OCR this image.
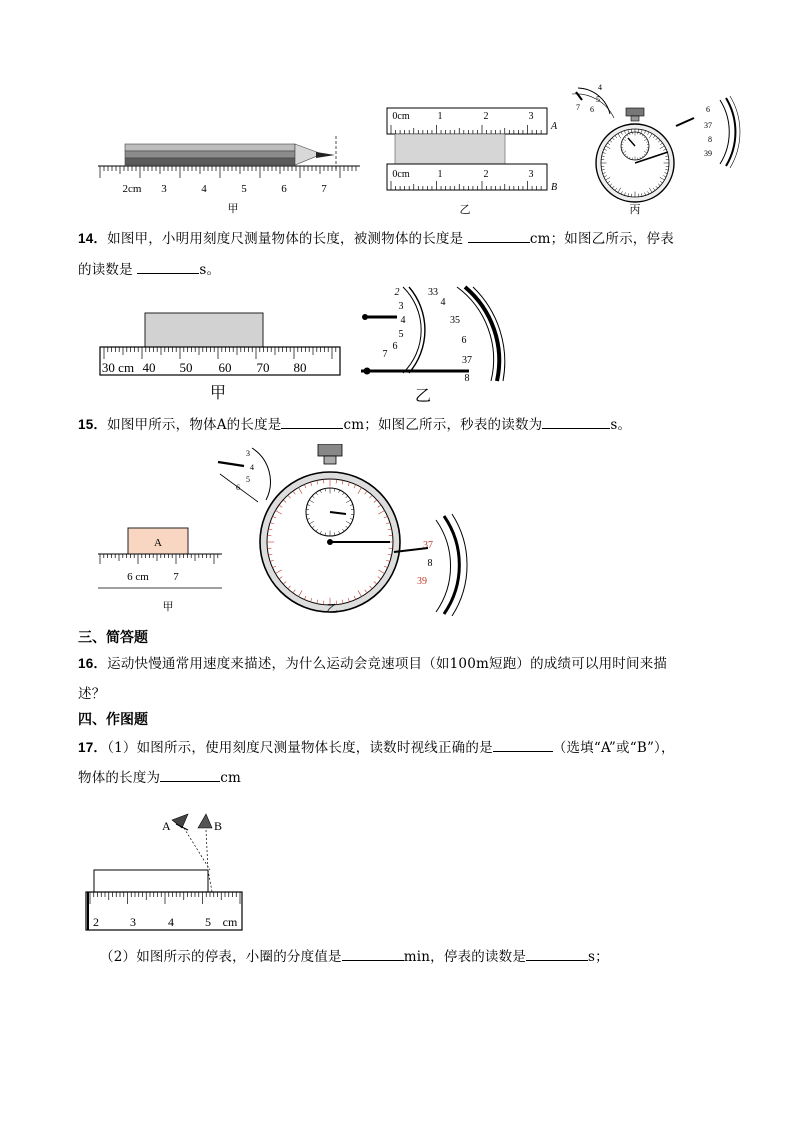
2cm 3	4	5	6	7
甲
0cm	1	2	3
A
0cm	1	2	3
B
乙
4
5
6
7	6
37
8
39
丙
14．如图甲，小明用刻度尺测量物体的长度，被测物体的长度是	cm；如图乙所示，停表
的读数是	s。
30 cm 40 50 60 70 80
甲
2
3
4
5
6
7
33
4
35
6
37
8
乙
15．如图甲所示，物体A的长度是	cm；如图乙所示，秒表的读数为	s。
A
6 cm 7
甲
3
4
5
6
37
8
39
乙
三、简答题
16．运动快慢通常用速度来描述，为什么运动会竞速项目（如100m短跑）的成绩可以用时间来描
述？
四、作图题
17．（1）如图所示，使用刻度尺测量物体长度，读数时视线正确的是	（选填“A”或“B”），
物体的长度为	cm
A	B
2	3	4	5 cm
（2）如图所示的停表，小圈的分度值是	min，停表的读数是	s；
